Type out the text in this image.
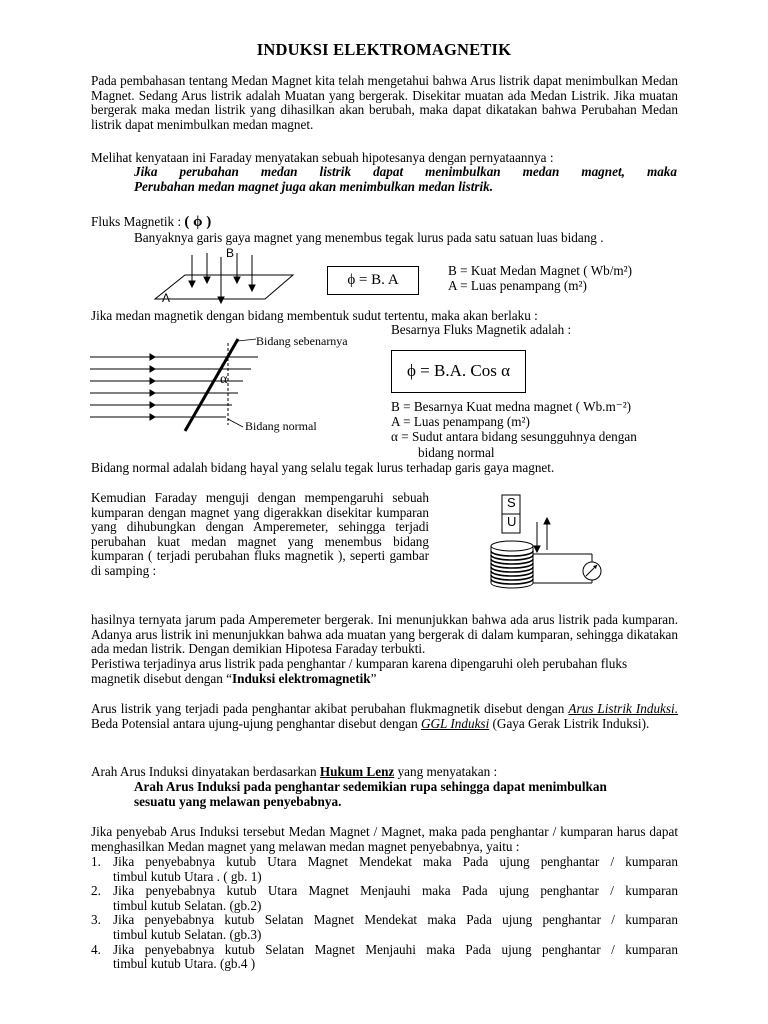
INDUKSI ELEKTROMAGNETIK
Pada pembahasan tentang Medan Magnet kita telah mengetahui bahwa Arus listrik dapat menimbulkan Medan Magnet. Sedang Arus listrik adalah Muatan yang bergerak. Disekitar muatan ada Medan Listrik. Jika muatan bergerak maka medan listrik yang dihasilkan akan berubah, maka dapat dikatakan bahwa Perubahan Medan listrik dapat menimbulkan medan magnet.
Melihat kenyataan ini Faraday menyatakan sebuah hipotesanya dengan pernyataannya :
Jika perubahan medan listrik dapat menimbulkan medan magnet, maka
Perubahan medan magnet juga akan menimbulkan medan listrik.
Fluks Magnetik : ( ϕ )
Banyaknya garis gaya magnet yang menembus tegak lurus pada satu satuan luas bidang .
B
A
ϕ = B. A
B = Kuat Medan Magnet ( Wb/m²)
A = Luas penampang (m²)
Jika medan magnetik dengan bidang membentuk sudut tertentu, maka akan berlaku :
Besarnya Fluks Magnetik adalah :
Bidang sebenarnya
Bidang normal
α	ϕ = B.A. Cos α
B = Besarnya Kuat medna magnet ( Wb.m⁻²)
A = Luas penampang (m²)
α = Sudut antara bidang sesungguhnya dengan
bidang normal
Bidang normal adalah bidang hayal yang selalu tegak lurus terhadap garis gaya magnet.
Kemudian Faraday menguji dengan mempengaruhi sebuah kumparan dengan magnet yang digerakkan disekitar kumparan yang dihubungkan dengan Amperemeter, sehingga terjadi perubahan kuat medan magnet yang menembus bidang kumparan ( terjadi perubahan fluks magnetik ), seperti gambar di samping :
S
U
hasilnya ternyata jarum pada Amperemeter bergerak. Ini menunjukkan bahwa ada arus listrik pada kumparan. Adanya arus listrik ini menunjukkan bahwa ada muatan yang bergerak di dalam kumparan, sehingga dikatakan ada medan listrik. Dengan demikian Hipotesa Faraday terbukti.
Peristiwa terjadinya arus listrik pada penghantar / kumparan karena dipengaruhi oleh perubahan fluks magnetik disebut dengan “Induksi elektromagnetik”
Arus listrik yang terjadi pada penghantar akibat perubahan flukmagnetik disebut dengan Arus Listrik Induksi. Beda Potensial antara ujung-ujung penghantar disebut dengan GGL Induksi (Gaya Gerak Listrik Induksi).
Arah Arus Induksi dinyatakan berdasarkan Hukum Lenz yang menyatakan :
Arah Arus Induksi pada penghantar sedemikian rupa sehingga dapat menimbulkan
sesuatu yang melawan penyebabnya.
Jika penyebab Arus Induksi tersebut Medan Magnet / Magnet, maka pada penghantar / kumparan harus dapat menghasilkan Medan magnet yang melawan medan magnet penyebabnya, yaitu :
1. Jika penyebabnya kutub Utara Magnet Mendekat maka Pada ujung penghantar / kumparan
timbul kutub Utara . ( gb. 1)
2. Jika penyebabnya kutub Utara Magnet Menjauhi maka Pada ujung penghantar / kumparan
timbul kutub Selatan. (gb.2)
3. Jika penyebabnya kutub Selatan Magnet Mendekat maka Pada ujung penghantar / kumparan
timbul kutub Selatan. (gb.3)
4. Jika penyebabnya kutub Selatan Magnet Menjauhi maka Pada ujung penghantar / kumparan
timbul kutub Utara. (gb.4 )
